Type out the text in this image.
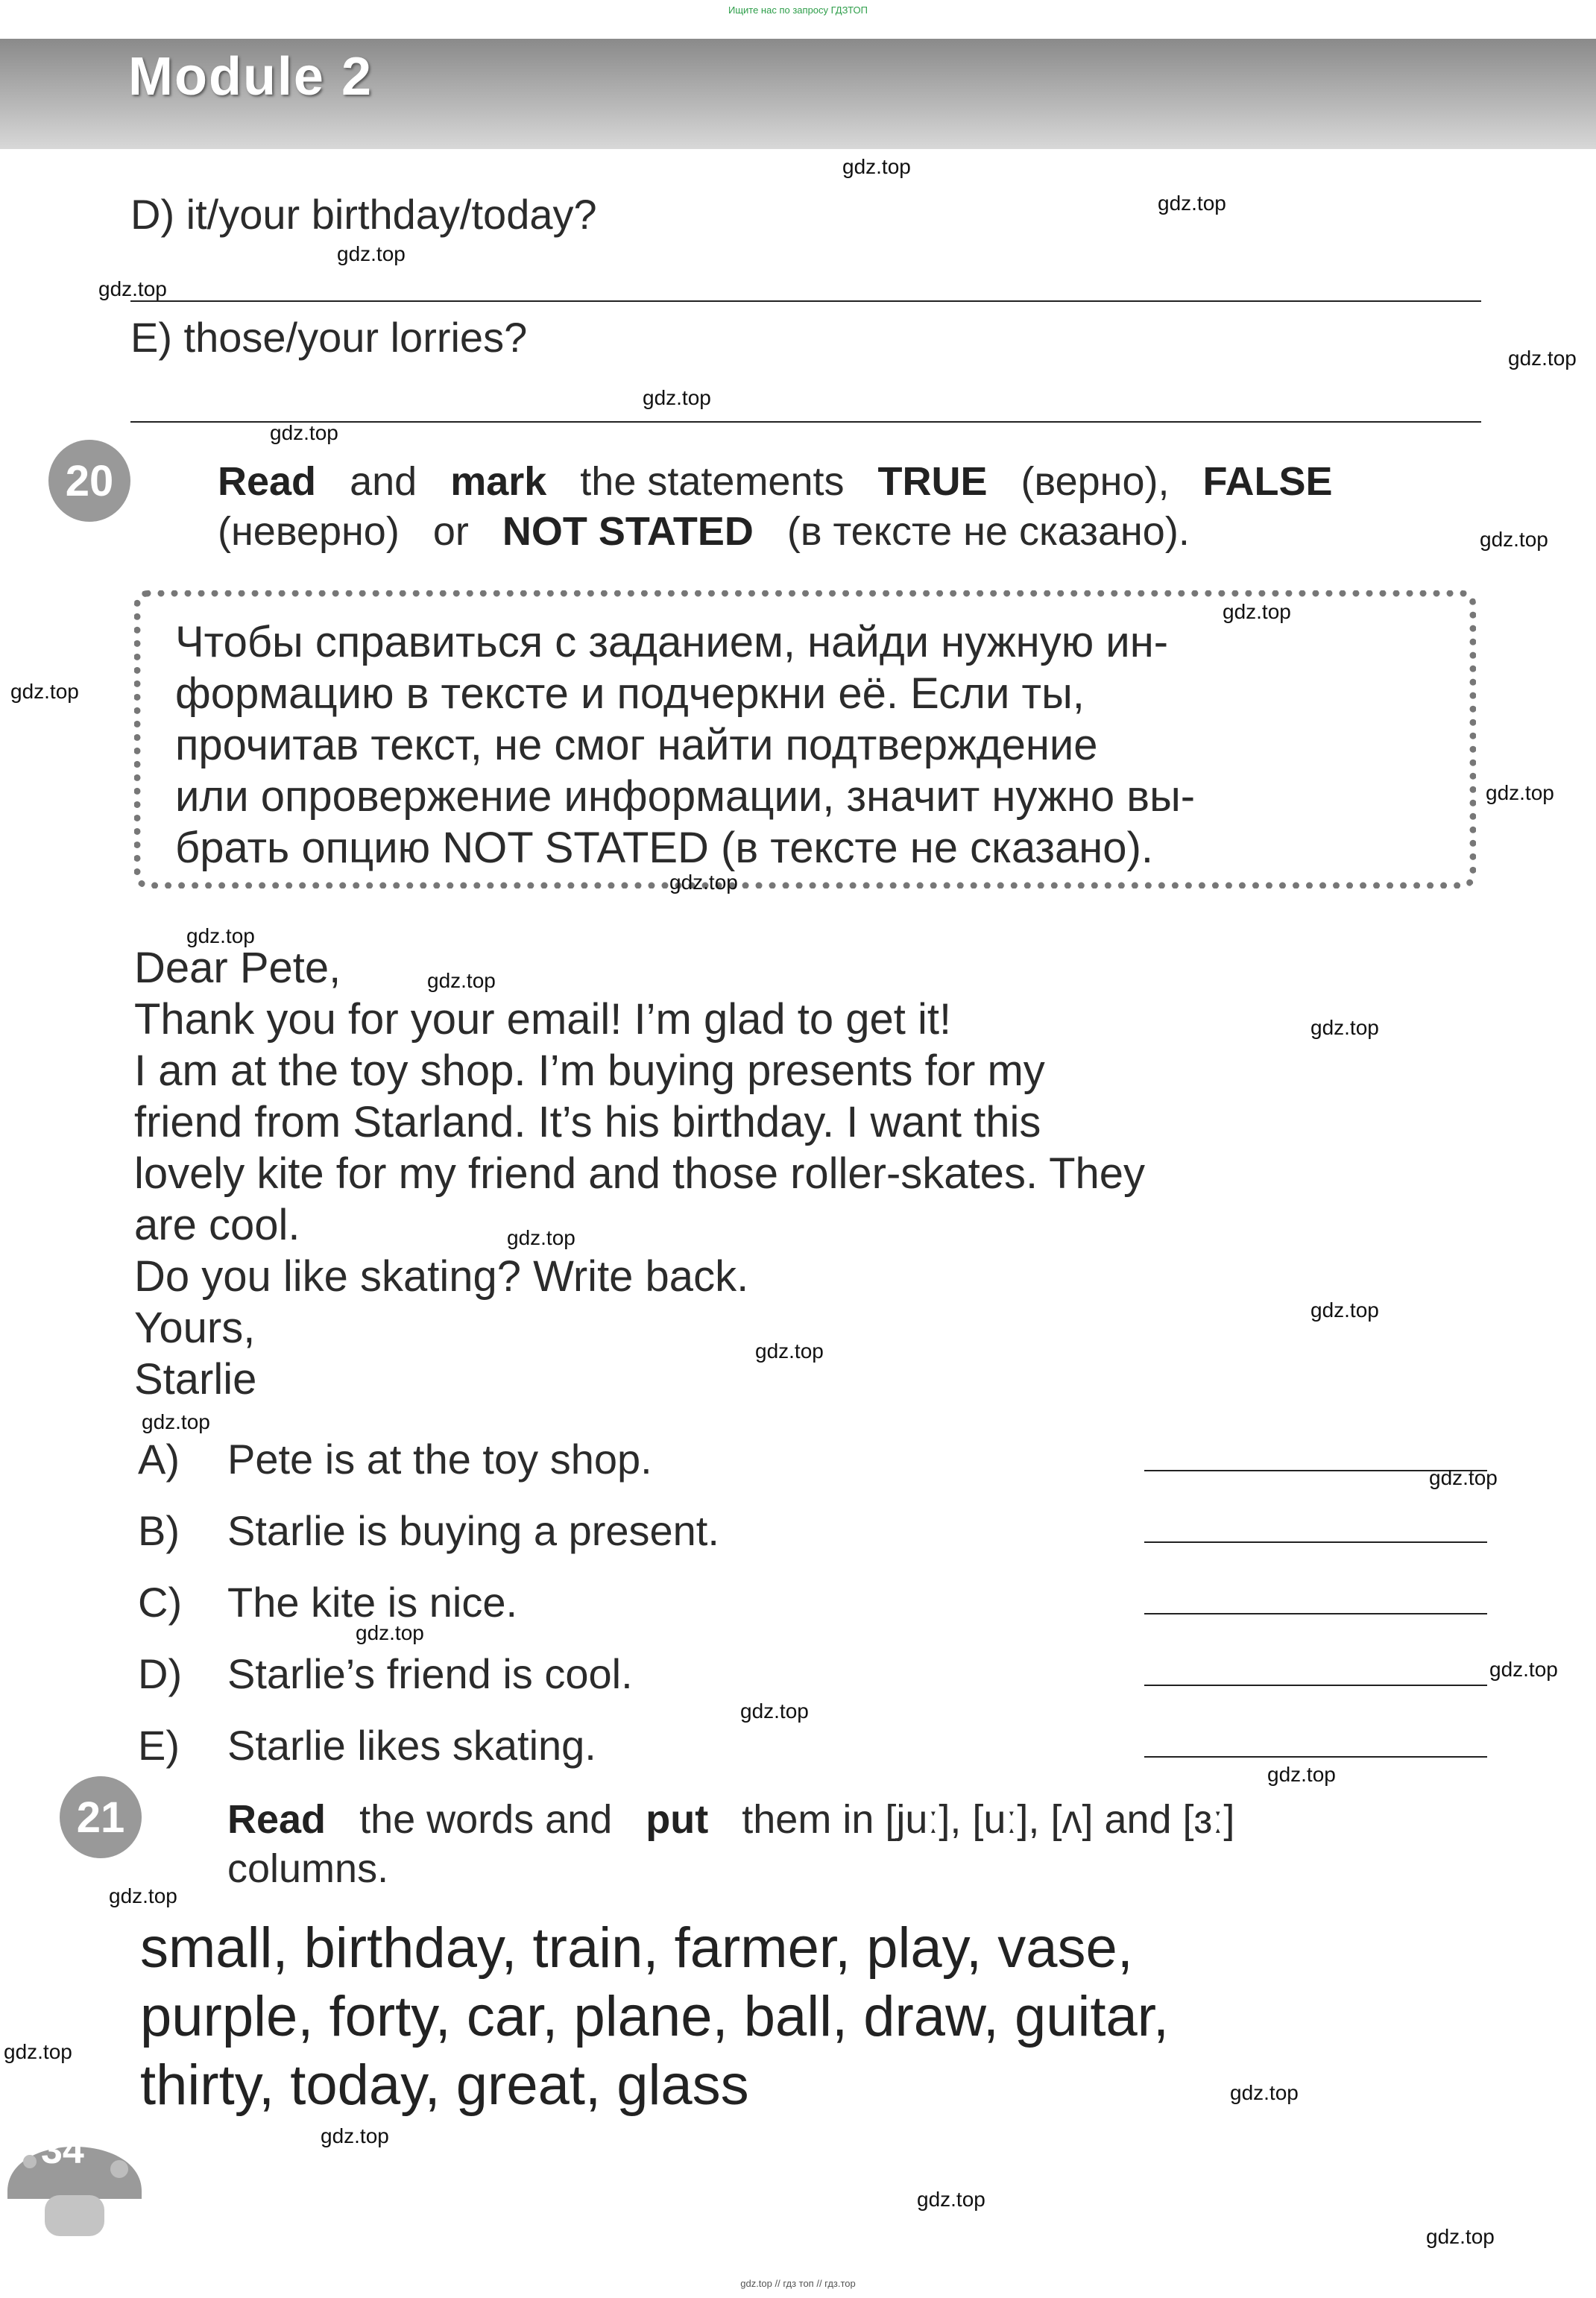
Ищите нас по запросу ГДЗТОП
Module 2
D) it/your birthday/today?
E) those/your lorries?
20	Read and mark the statements TRUE (верно), FALSE
(неверно) or NOT STATED (в тексте не сказано).
Чтобы справиться с заданием, найди нужную ин-
формацию в тексте и подчеркни её. Если ты,
прочитав текст, не смог найти подтверждение
или опровержение информации, значит нужно вы-
брать опцию NOT STATED (в тексте не сказано).
Dear Pete,
Thank you for your email! I’m glad to get it!
I am at the toy shop. I’m buying presents for my
friend from Starland. It’s his birthday. I want this
lovely kite for my friend and those roller-skates. They
are cool.
Do you like skating? Write back.
Yours,
Starlie
A) Pete is at the toy shop.
B) Starlie is buying a present.
C) The kite is nice.
D) Starlie’s friend is cool.
E) Starlie likes skating.
21	Read the words and put them in [juː], [uː], [ʌ] and [ɜː]
columns.
small, birthday, train, farmer, play, vase,
purple, forty, car, plane, ball, draw, guitar,
thirty, today, great, glass
34
gdz.top
gdz.top
gdz.top
gdz.top
gdz.top
gdz.top
gdz.top
gdz.top
gdz.top
gdz.top
gdz.top
gdz.top
gdz.top
gdz.top
gdz.top
gdz.top
gdz.top
gdz.top
gdz.top
gdz.top
gdz.top
gdz.top
gdz.top
gdz.top
gdz.top
gdz.top
gdz.top
gdz.top
gdz.top
gdz.top
gdz.top // гдз топ // гдз.тор
